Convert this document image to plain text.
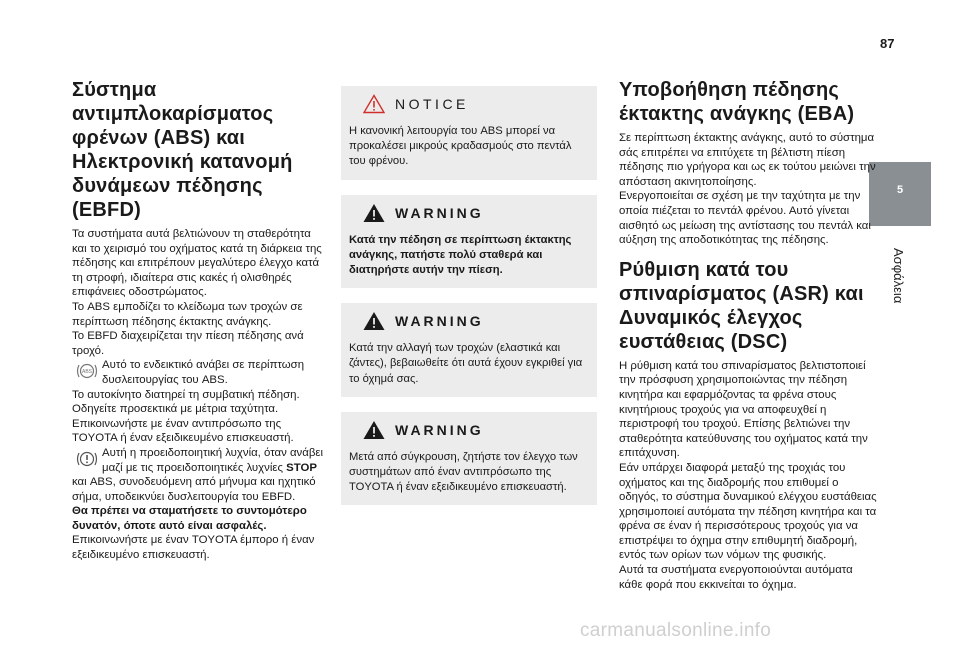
87
5
Ασφάλεια
Σύστημα αντιμπλοκαρίσματος φρένων (ABS) και Ηλεκτρονική κατανομή δυνάμεων πέδησης (EBFD)

Τα συστήματα αυτά βελτιώνουν τη σταθερότητα και το χειρισμό του οχήματος κατά τη διάρκεια της πέδησης και επιτρέπουν μεγαλύτερο έλεγχο κατά τη στροφή, ιδιαίτερα στις κακές ή ολισθηρές επιφάνειες οδοστρώματος.

Το ABS εμποδίζει το κλείδωμα των τροχών σε περίπτωση πέδησης έκτακτης ανάγκης.

Το EBFD διαχειρίζεται την πίεση πέδησης ανά τροχό.

ABS

Αυτό το ενδεικτικό ανάβει σε περίπτωση δυσλειτουργίας του ABS.

Το αυτοκίνητο διατηρεί τη συμβατική πέδηση. Οδηγείτε προσεκτικά με μέτρια ταχύτητα.

Επικοινωνήστε με έναν αντιπρόσωπο της TOYOTA ή έναν εξειδικευμένο επισκευαστή.

Αυτή η προειδοποιητική λυχνία, όταν ανάβει μαζί με τις προειδοποιητικές λυχνίες STOP

και ABS, συνοδευόμενη από μήνυμα και ηχητικό σήμα, υποδεικνύει δυσλειτουργία του EBFD.

Θα πρέπει να σταματήσετε το συντομότερο δυνατόν, όποτε αυτό είναι ασφαλές.

Επικοινωνήστε με έναν TOYOTA έμπορο ή έναν εξειδικευμένο επισκευαστή.

NOTICE
Η κανονική λειτουργία του ABS μπορεί να προκαλέσει μικρούς κραδασμούς στο πεντάλ του φρένου.
WARNING
Κατά την πέδηση σε περίπτωση έκτακτης ανάγκης, πατήστε πολύ σταθερά και διατηρήστε αυτήν την πίεση.
WARNING
Κατά την αλλαγή των τροχών (ελαστικά και ζάντες), βεβαιωθείτε ότι αυτά έχουν εγκριθεί για το όχημά σας.
WARNING
Μετά από σύγκρουση, ζητήστε τον έλεγχο των συστημάτων από έναν αντιπρόσωπο της TOYOTA ή έναν εξειδικευμένο επισκευαστή.
Υποβοήθηση πέδησης έκτακτης ανάγκης (EBA)

Σε περίπτωση έκτακτης ανάγκης, αυτό το σύστημα σάς επιτρέπει να επιτύχετε τη βέλτιστη πίεση πέδησης πιο γρήγορα και ως εκ τούτου μειώνει την απόσταση ακινητοποίησης.

Ενεργοποιείται σε σχέση με την ταχύτητα με την οποία πιέζεται το πεντάλ φρένου. Αυτό γίνεται αισθητό ως μείωση της αντίστασης του πεντάλ και αύξηση της αποδοτικότητας της πέδησης.

Ρύθμιση κατά του σπιναρίσματος (ASR) και Δυναμικός έλεγχος ευστάθειας (DSC)

Η ρύθμιση κατά του σπιναρίσματος βελτιστοποιεί την πρόσφυση χρησιμοποιώντας την πέδηση κινητήρα και εφαρμόζοντας τα φρένα στους κινητήριους τροχούς για να αποφευχθεί η περιστροφή του τροχού. Επίσης βελτιώνει την σταθερότητα κατεύθυνσης του οχήματος κατά την επιτάχυνση.

Εάν υπάρχει διαφορά μεταξύ της τροχιάς του οχήματος και της διαδρομής που επιθυμεί ο οδηγός, το σύστημα δυναμικού ελέγχου ευστάθειας χρησιμοποιεί αυτόματα την πέδηση κινητήρα και τα φρένα σε έναν ή περισσότερους τροχούς για να επιστρέψει το όχημα στην επιθυμητή διαδρομή, εντός των ορίων των νόμων της φυσικής.

Αυτά τα συστήματα ενεργοποιούνται αυτόματα κάθε φορά που εκκινείται το όχημα.

carmanualsonline.info
